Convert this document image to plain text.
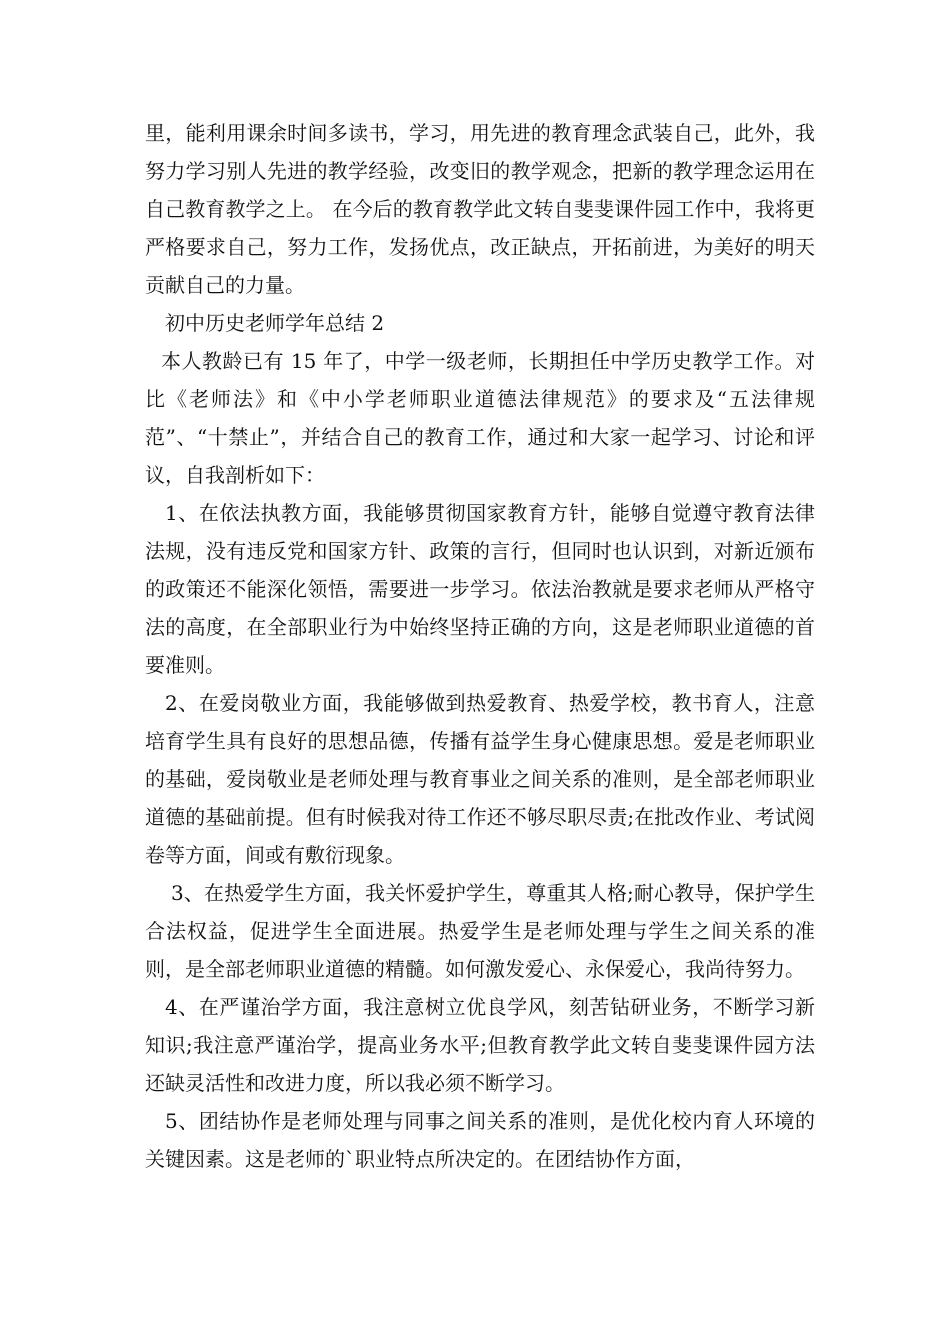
里，能利用课余时间多读书，学习，用先进的教育理念武装自己，此外，我努力学习别人先进的教学经验，改变旧的教学观念，把新的教学理念运用在自己教育教学之上。 在今后的教育教学此文转自斐斐课件园工作中，我将更严格要求自己，努力工作，发扬优点，改正缺点，开拓前进，为美好的明天贡献自己的力量。

初中历史老师学年总结 2

本人教龄已有 15 年了，中学一级老师，长期担任中学历史教学工作。对比《老师法》和《中小学老师职业道德法律规范》的要求及“五法律规范”、“十禁止”，并结合自己的教育工作，通过和大家一起学习、讨论和评议，自我剖析如下：

1、在依法执教方面，我能够贯彻国家教育方针，能够自觉遵守教育法律法规，没有违反党和国家方针、政策的言行，但同时也认识到，对新近颁布的政策还不能深化领悟，需要进一步学习。依法治教就是要求老师从严格守法的高度，在全部职业行为中始终坚持正确的方向，这是老师职业道德的首要准则。

2、在爱岗敬业方面，我能够做到热爱教育、热爱学校，教书育人，注意培育学生具有良好的思想品德，传播有益学生身心健康思想。爱是老师职业的基础，爱岗敬业是老师处理与教育事业之间关系的准则，是全部老师职业道德的基础前提。但有时候我对待工作还不够尽职尽责;在批改作业、考试阅卷等方面，间或有敷衍现象。

3、在热爱学生方面，我关怀爱护学生，尊重其人格;耐心教导，保护学生合法权益，促进学生全面进展。热爱学生是老师处理与学生之间关系的准则，是全部老师职业道德的精髓。如何激发爱心、永保爱心，我尚待努力。

4、在严谨治学方面，我注意树立优良学风，刻苦钻研业务，不断学习新知识;我注意严谨治学，提高业务水平;但教育教学此文转自斐斐课件园方法还缺灵活性和改进力度，所以我必须不断学习。

5、团结协作是老师处理与同事之间关系的准则，是优化校内育人环境的关键因素。这是老师的`职业特点所决定的。在团结协作方面，
